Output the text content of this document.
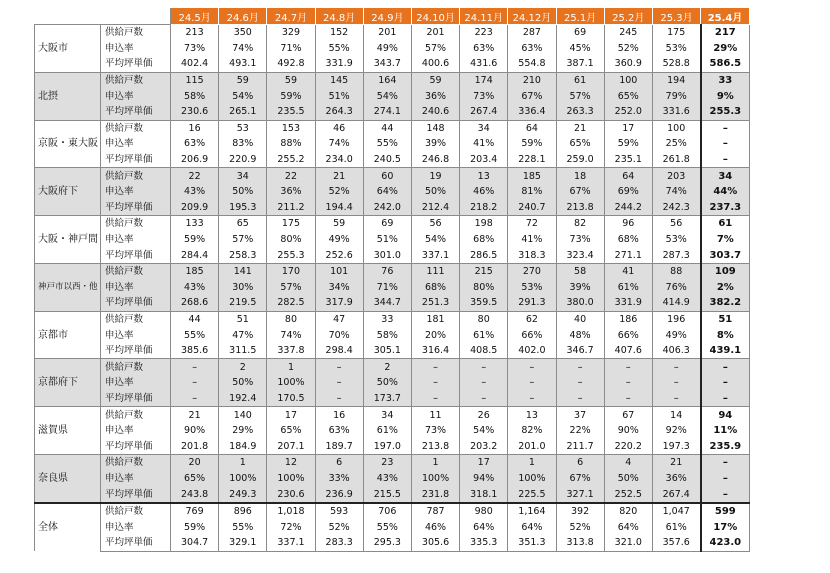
		24.5月	24.6月	24.7月	24.8月	24.9月	24.10月	24.11月	24.12月	25.1月	25.2月	25.3月	25.4月
大阪市	供給戸数	213	350	329	152	201	201	223	287	69	245	175	217
	申込率	73%	74%	71%	55%	49%	57%	63%	63%	45%	52%	53%	29%
	平均坪単価	402.4	493.1	492.8	331.9	343.7	400.6	431.6	554.8	387.1	360.9	528.8	586.5
北摂	供給戸数	115	59	59	145	164	59	174	210	61	100	194	33
	申込率	58%	54%	59%	51%	54%	36%	73%	67%	57%	65%	79%	9%
	平均坪単価	230.6	265.1	235.5	264.3	274.1	240.6	267.4	336.4	263.3	252.0	331.6	255.3
京阪・東大阪	供給戸数	16	53	153	46	44	148	34	64	21	17	100	–
	申込率	63%	83%	88%	74%	55%	39%	41%	59%	65%	59%	25%	–
	平均坪単価	206.9	220.9	255.2	234.0	240.5	246.8	203.4	228.1	259.0	235.1	261.8	–
大阪府下	供給戸数	22	34	22	21	60	19	13	185	18	64	203	34
	申込率	43%	50%	36%	52%	64%	50%	46%	81%	67%	69%	74%	44%
	平均坪単価	209.9	195.3	211.2	194.4	242.0	212.4	218.2	240.7	213.8	244.2	242.3	237.3
大阪・神戸間	供給戸数	133	65	175	59	69	56	198	72	82	96	56	61
	申込率	59%	57%	80%	49%	51%	54%	68%	41%	73%	68%	53%	7%
	平均坪単価	284.4	258.3	255.3	252.6	301.0	337.1	286.5	318.3	323.4	271.1	287.3	303.7
神戸市以西・他	供給戸数	185	141	170	101	76	111	215	270	58	41	88	109
	申込率	43%	30%	57%	34%	71%	68%	80%	53%	39%	61%	76%	2%
	平均坪単価	268.6	219.5	282.5	317.9	344.7	251.3	359.5	291.3	380.0	331.9	414.9	382.2
京都市	供給戸数	44	51	80	47	33	181	80	62	40	186	196	51
	申込率	55%	47%	74%	70%	58%	20%	61%	66%	48%	66%	49%	8%
	平均坪単価	385.6	311.5	337.8	298.4	305.1	316.4	408.5	402.0	346.7	407.6	406.3	439.1
京都府下	供給戸数	–	2	1	–	2	–	–	–	–	–	–	–
	申込率	–	50%	100%	–	50%	–	–	–	–	–	–	–
	平均坪単価	–	192.4	170.5	–	173.7	–	–	–	–	–	–	–
滋賀県	供給戸数	21	140	17	16	34	11	26	13	37	67	14	94
	申込率	90%	29%	65%	63%	61%	73%	54%	82%	22%	90%	92%	11%
	平均坪単価	201.8	184.9	207.1	189.7	197.0	213.8	203.2	201.0	211.7	220.2	197.3	235.9
奈良県	供給戸数	20	1	12	6	23	1	17	1	6	4	21	–
	申込率	65%	100%	100%	33%	43%	100%	94%	100%	67%	50%	36%	–
	平均坪単価	243.8	249.3	230.6	236.9	215.5	231.8	318.1	225.5	327.1	252.5	267.4	–
全体	供給戸数	769	896	1,018	593	706	787	980	1,164	392	820	1,047	599
	申込率	59%	55%	72%	52%	55%	46%	64%	64%	52%	64%	61%	17%
	平均坪単価	304.7	329.1	337.1	283.3	295.3	305.6	335.3	351.3	313.8	321.0	357.6	423.0
